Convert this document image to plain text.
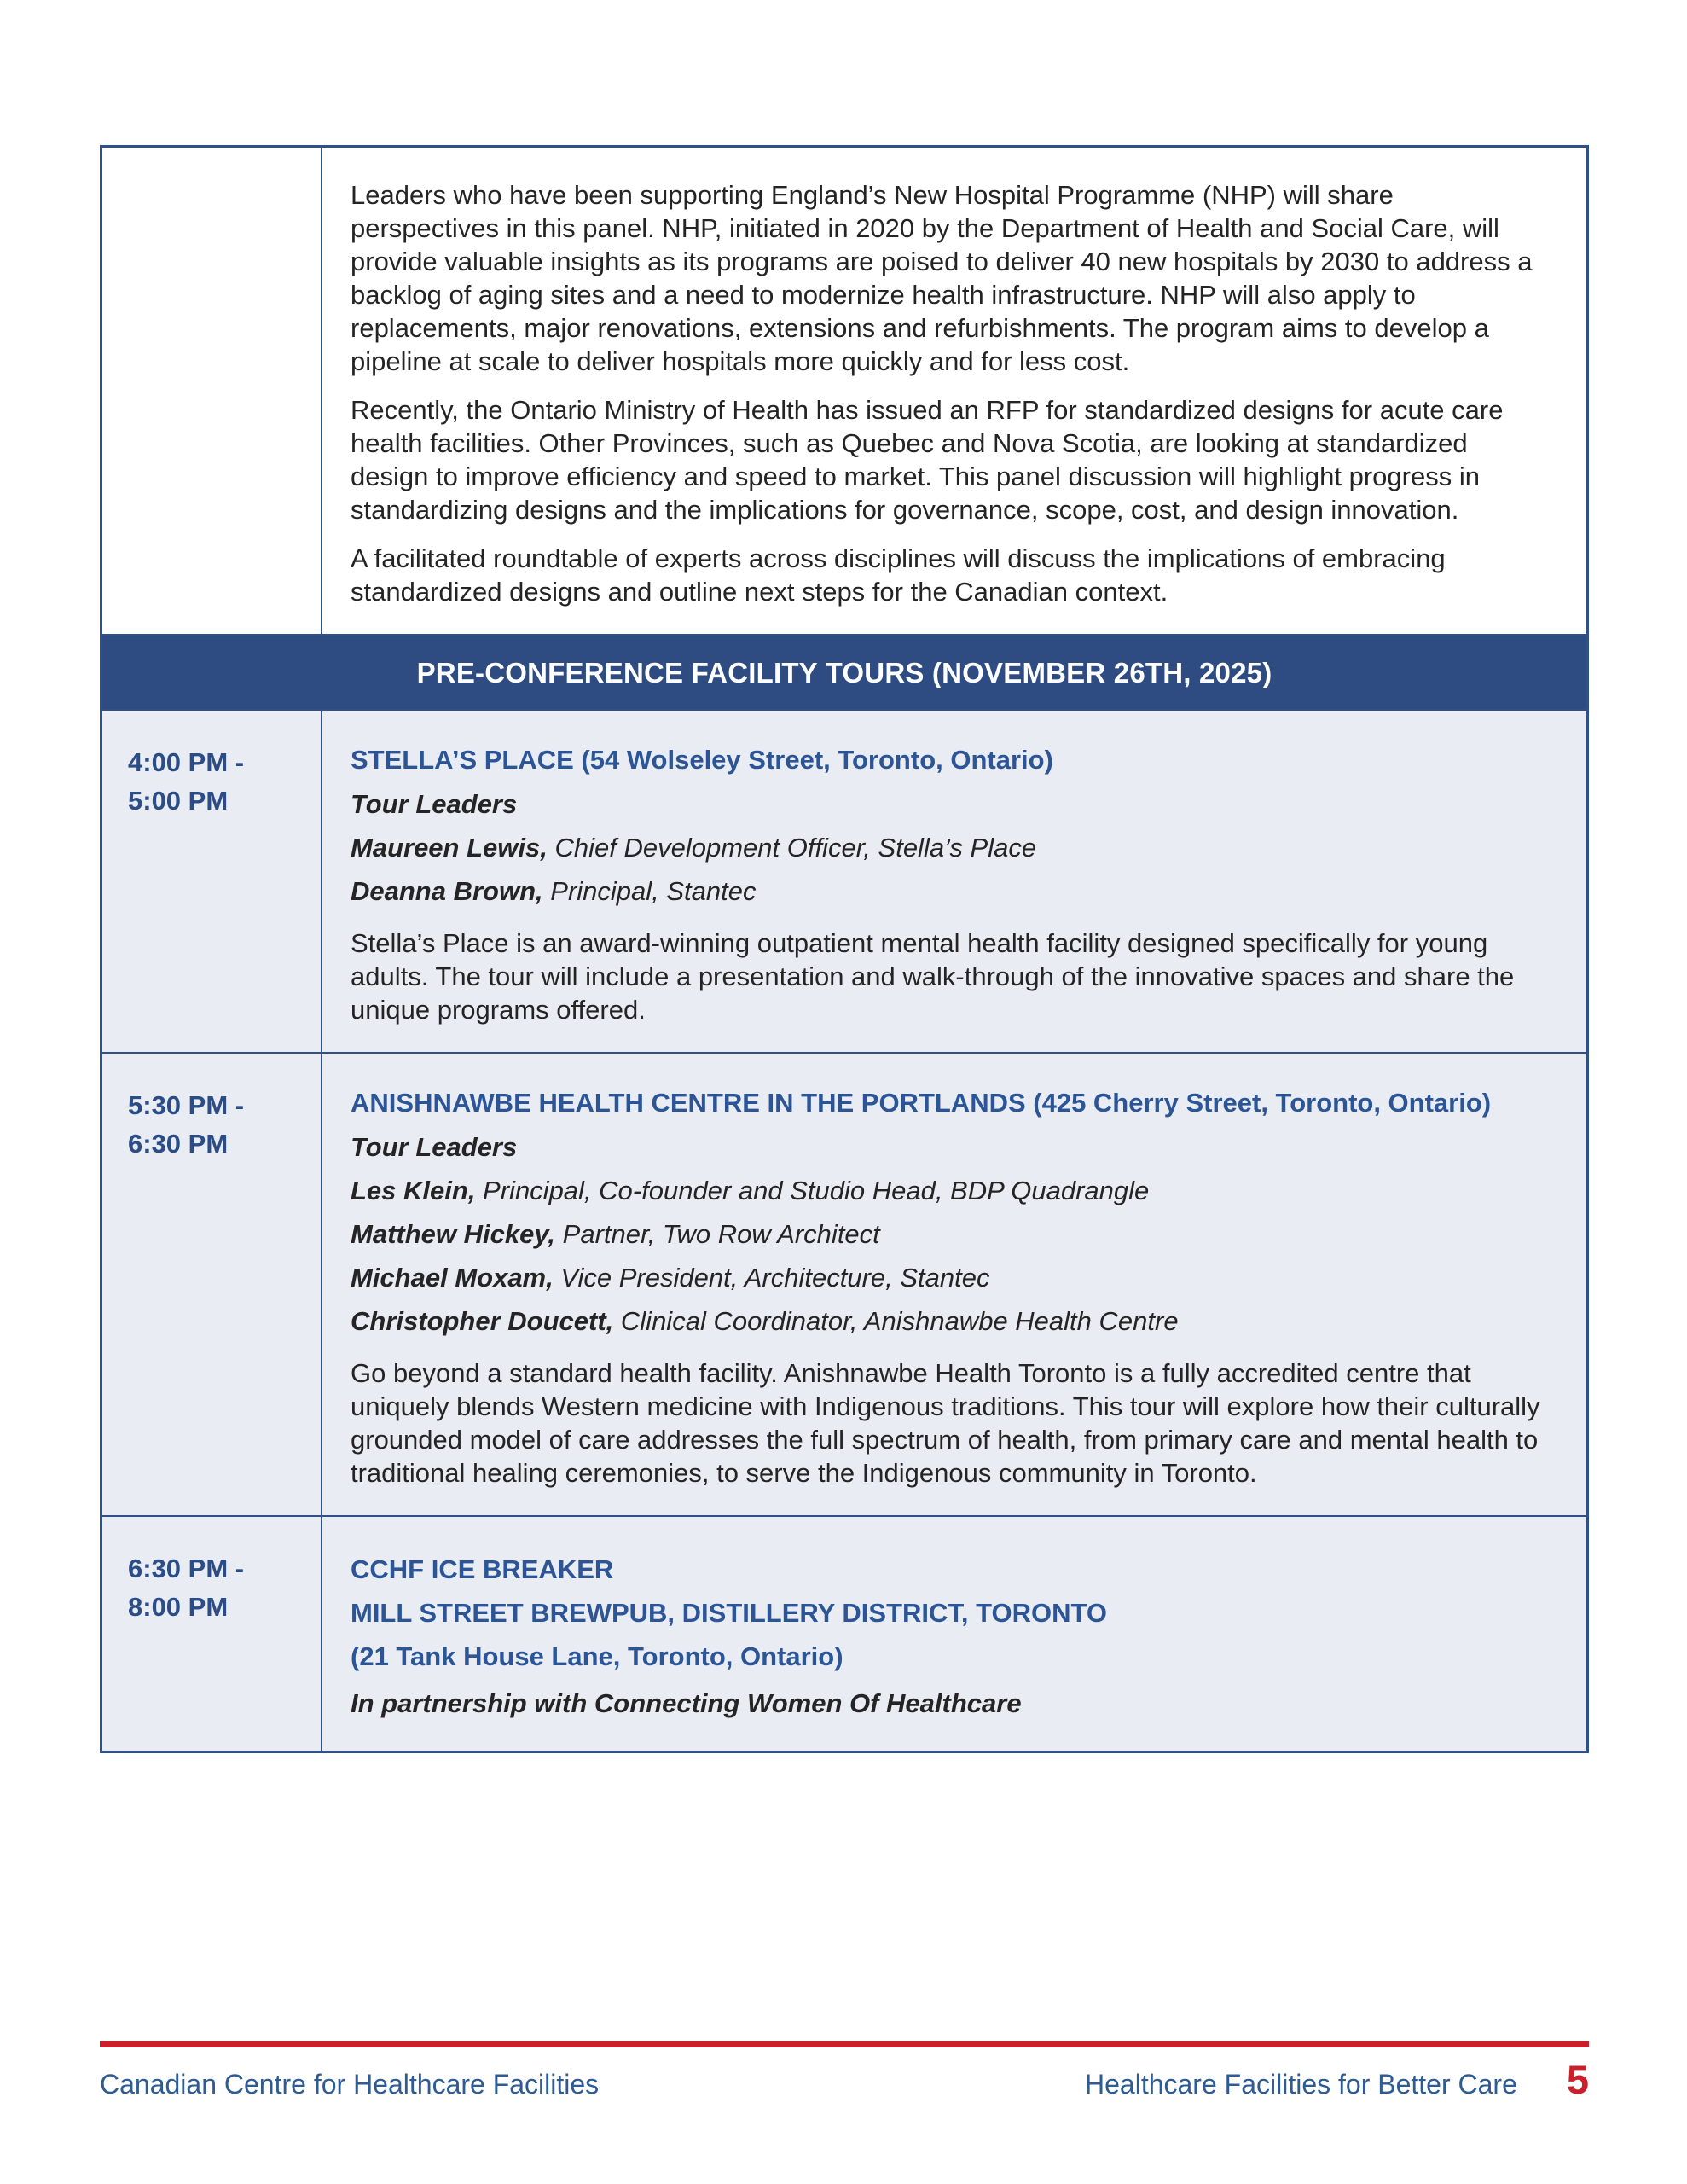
Leaders who have been supporting England’s New Hospital Programme (NHP) will share perspectives in this panel. NHP, initiated in 2020 by the Department of Health and Social Care, will provide valuable insights as its programs are poised to deliver 40 new hospitals by 2030 to address a backlog of aging sites and a need to modernize health infrastructure. NHP will also apply to replacements, major renovations, extensions and refurbishments. The program aims to develop a pipeline at scale to deliver hospitals more quickly and for less cost.

Recently, the Ontario Ministry of Health has issued an RFP for standardized designs for acute care health facilities. Other Provinces, such as Quebec and Nova Scotia, are looking at standardized design to improve efficiency and speed to market. This panel discussion will highlight progress in standardizing designs and the implications for governance, scope, cost, and design innovation.

A facilitated roundtable of experts across disciplines will discuss the implications of embracing standardized designs and outline next steps for the Canadian context.

PRE-CONFERENCE FACILITY TOURS (NOVEMBER 26TH, 2025)
4:00 PM -
5:00 PM
STELLA’S PLACE (54 Wolseley Street, Toronto, Ontario)
Tour Leaders

Maureen Lewis, Chief Development Officer, Stella’s Place

Deanna Brown, Principal, Stantec

Stella’s Place is an award-winning outpatient mental health facility designed specifically for young adults. The tour will include a presentation and walk-through of the innovative spaces and share the unique programs offered.

5:30 PM -
6:30 PM
ANISHNAWBE HEALTH CENTRE IN THE PORTLANDS (425 Cherry Street, Toronto, Ontario)
Tour Leaders

Les Klein, Principal, Co-founder and Studio Head, BDP Quadrangle

Matthew Hickey, Partner, Two Row Architect

Michael Moxam, Vice President, Architecture, Stantec

Christopher Doucett, Clinical Coordinator, Anishnawbe Health Centre

Go beyond a standard health facility. Anishnawbe Health Toronto is a fully accredited centre that uniquely blends Western medicine with Indigenous traditions. This tour will explore how their culturally grounded model of care addresses the full spectrum of health, from primary care and mental health to traditional healing ceremonies, to serve the Indigenous community in Toronto.

6:30 PM -
8:00 PM
CCHF ICE BREAKER
MILL STREET BREWPUB, DISTILLERY DISTRICT, TORONTO
(21 Tank House Lane, Toronto, Ontario)

In partnership with Connecting Women Of Healthcare

Canadian Centre for Healthcare Facilities	Healthcare Facilities for Better Care 5
